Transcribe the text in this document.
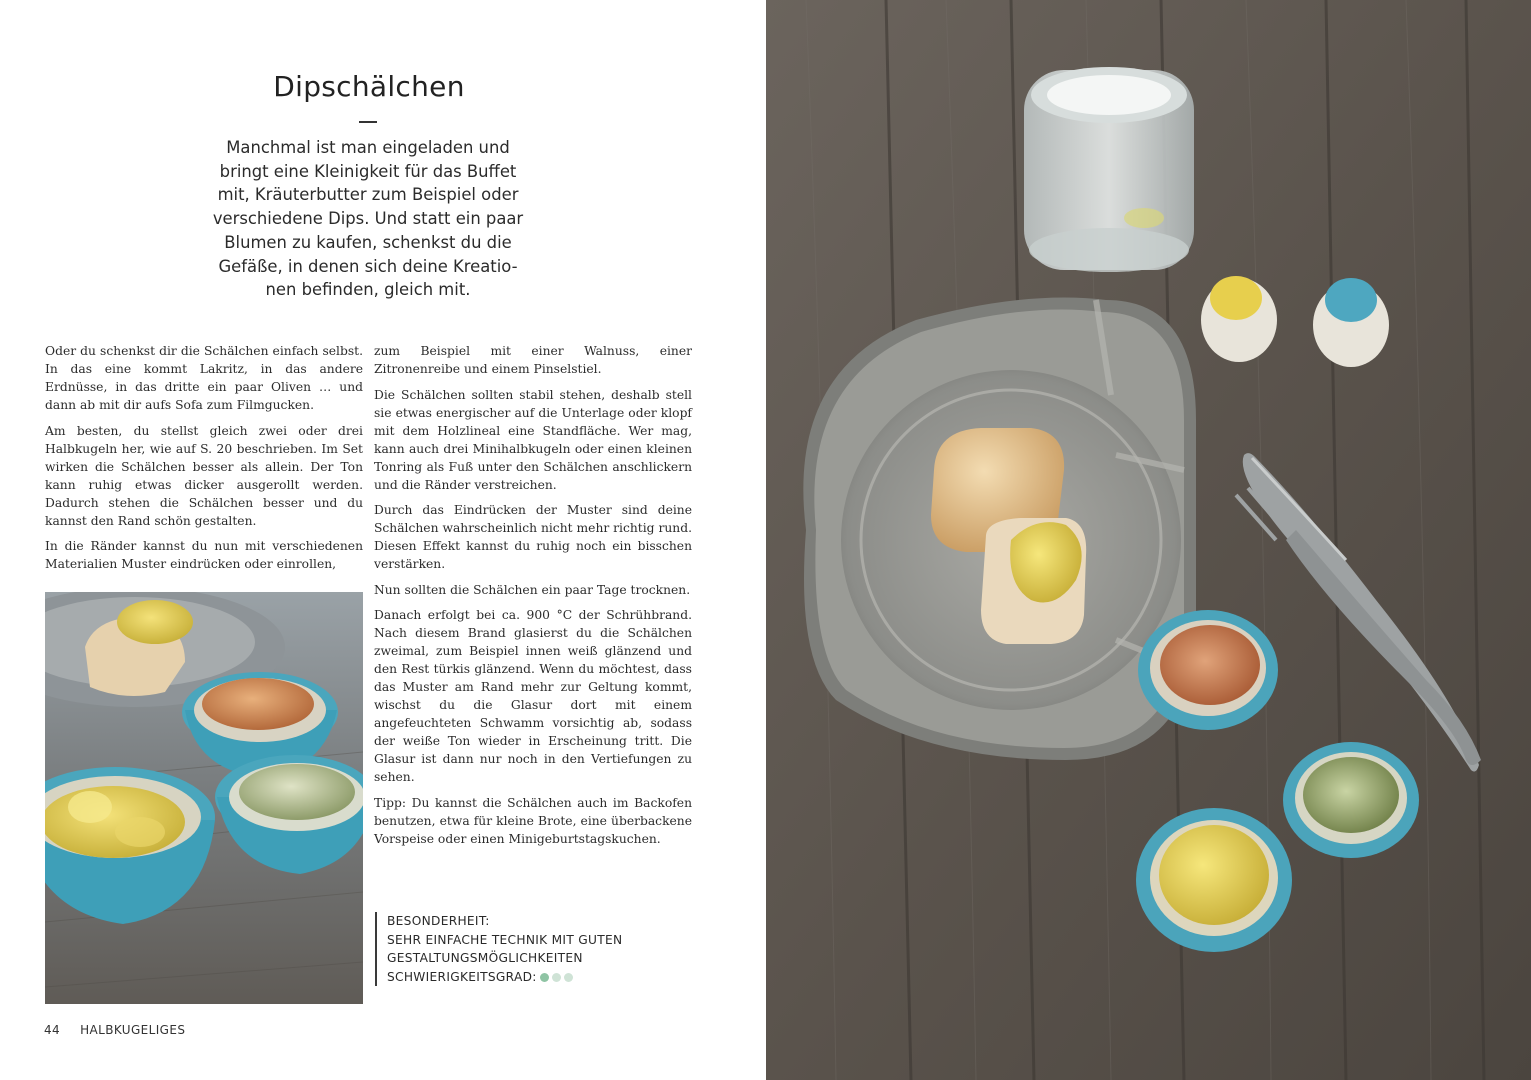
Dipschälchen
Manchmal ist man eingeladen und
bringt eine Kleinigkeit für das Buffet
mit, Kräuterbutter zum Beispiel oder
verschiedene Dips. Und statt ein paar
Blumen zu kaufen, schenkst du die
Gefäße, in denen sich deine Kreatio-
nen befinden, gleich mit.

Oder du schenkst dir die Schälchen einfach selbst. In das eine kommt Lakritz, in das andere Erdnüsse, in das dritte ein paar Oliven … und dann ab mit dir aufs Sofa zum Filmgucken.

Am besten, du stellst gleich zwei oder drei Halbkugeln her, wie auf S. 20 beschrieben. Im Set wirken die Schälchen besser als allein. Der Ton kann ruhig etwas dicker ausgerollt werden. Dadurch stehen die Schälchen besser und du kannst den Rand schön gestalten.

In die Ränder kannst du nun mit verschiedenen Materialien Muster eindrücken oder einrollen,

zum Beispiel mit einer Walnuss, einer Zitronenreibe und einem Pinselstiel.

Die Schälchen sollten stabil stehen, deshalb stell sie etwas energischer auf die Unterlage oder klopf mit dem Holzlineal eine Standfläche. Wer mag, kann auch drei Minihalbkugeln oder einen kleinen Tonring als Fuß unter den Schälchen anschlickern und die Ränder verstreichen.

Durch das Eindrücken der Muster sind deine Schälchen wahrscheinlich nicht mehr richtig rund. Diesen Effekt kannst du ruhig noch ein bisschen verstärken.

Nun sollten die Schälchen ein paar Tage trocknen.

Danach erfolgt bei ca. 900 °C der Schrühbrand. Nach diesem Brand glasierst du die Schälchen zweimal, zum Beispiel innen weiß glänzend und den Rest türkis glänzend. Wenn du möchtest, dass das Muster am Rand mehr zur Geltung kommt, wischst du die Glasur dort mit einem angefeuchteten Schwamm vorsichtig ab, sodass der weiße Ton wieder in Erscheinung tritt. Die Glasur ist dann nur noch in den Vertiefungen zu sehen.

Tipp: Du kannst die Schälchen auch im Backofen benutzen, etwa für kleine Brote, eine überbackene Vorspeise oder einen Minigeburtstagskuchen.

BESONDERHEIT:
SEHR EINFACHE TECHNIK MIT GUTEN
GESTALTUNGSMÖGLICHKEITEN
SCHWIERIGKEITSGRAD:
44 HALBKUGELIGES
